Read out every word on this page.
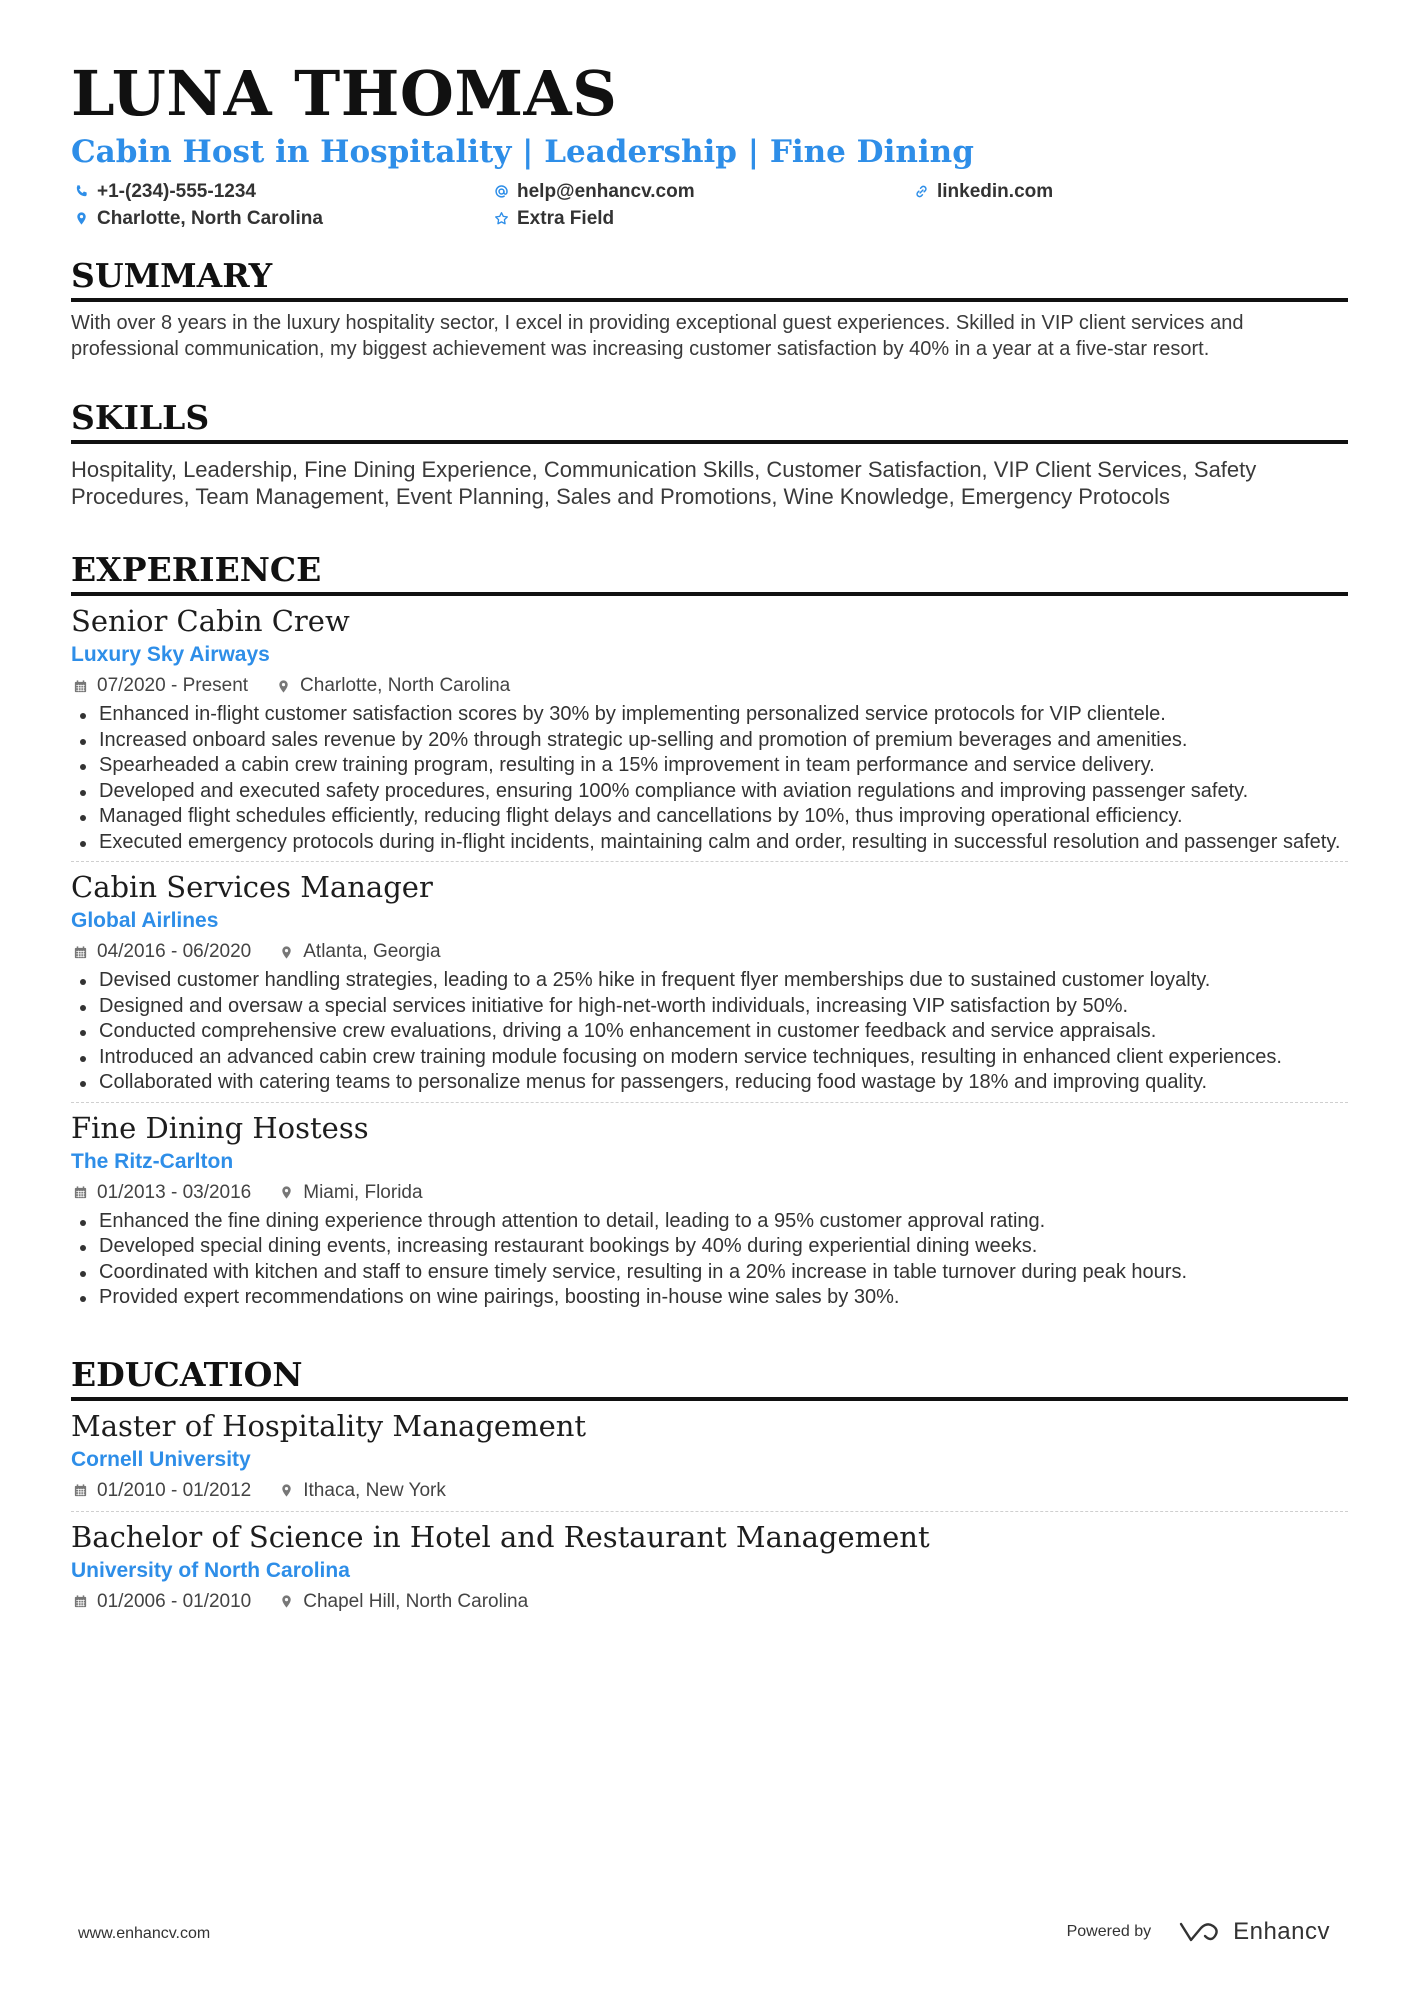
LUNA THOMAS
Cabin Host in Hospitality | Leadership | Fine Dining
+1-(234)-555-1234	help@enhancv.com	linkedin.com
Charlotte, North Carolina	Extra Field
SUMMARY
With over 8 years in the luxury hospitality sector, I excel in providing exceptional guest experiences. Skilled in VIP client services and professional communication, my biggest achievement was increasing customer satisfaction by 40% in a year at a five-star resort.
SKILLS
Hospitality, Leadership, Fine Dining Experience, Communication Skills, Customer Satisfaction, VIP Client Services, Safety Procedures, Team Management, Event Planning, Sales and Promotions, Wine Knowledge, Emergency Protocols
EXPERIENCE
Senior Cabin Crew
Luxury Sky Airways
07/2020 - Present	Charlotte, North Carolina
Enhanced in-flight customer satisfaction scores by 30% by implementing personalized service protocols for VIP clientele.
Increased onboard sales revenue by 20% through strategic up-selling and promotion of premium beverages and amenities.
Spearheaded a cabin crew training program, resulting in a 15% improvement in team performance and service delivery.
Developed and executed safety procedures, ensuring 100% compliance with aviation regulations and improving passenger safety.
Managed flight schedules efficiently, reducing flight delays and cancellations by 10%, thus improving operational efficiency.
Executed emergency protocols during in-flight incidents, maintaining calm and order, resulting in successful resolution and passenger safety.
Cabin Services Manager
Global Airlines
04/2016 - 06/2020	Atlanta, Georgia
Devised customer handling strategies, leading to a 25% hike in frequent flyer memberships due to sustained customer loyalty.
Designed and oversaw a special services initiative for high-net-worth individuals, increasing VIP satisfaction by 50%.
Conducted comprehensive crew evaluations, driving a 10% enhancement in customer feedback and service appraisals.
Introduced an advanced cabin crew training module focusing on modern service techniques, resulting in enhanced client experiences.
Collaborated with catering teams to personalize menus for passengers, reducing food wastage by 18% and improving quality.
Fine Dining Hostess
The Ritz-Carlton
01/2013 - 03/2016	Miami, Florida
Enhanced the fine dining experience through attention to detail, leading to a 95% customer approval rating.
Developed special dining events, increasing restaurant bookings by 40% during experiential dining weeks.
Coordinated with kitchen and staff to ensure timely service, resulting in a 20% increase in table turnover during peak hours.
Provided expert recommendations on wine pairings, boosting in-house wine sales by 30%.
EDUCATION
Master of Hospitality Management
Cornell University
01/2010 - 01/2012	Ithaca, New York
Bachelor of Science in Hotel and Restaurant Management
University of North Carolina
01/2006 - 01/2010	Chapel Hill, North Carolina
www.enhancv.com	Powered by	Enhancv
